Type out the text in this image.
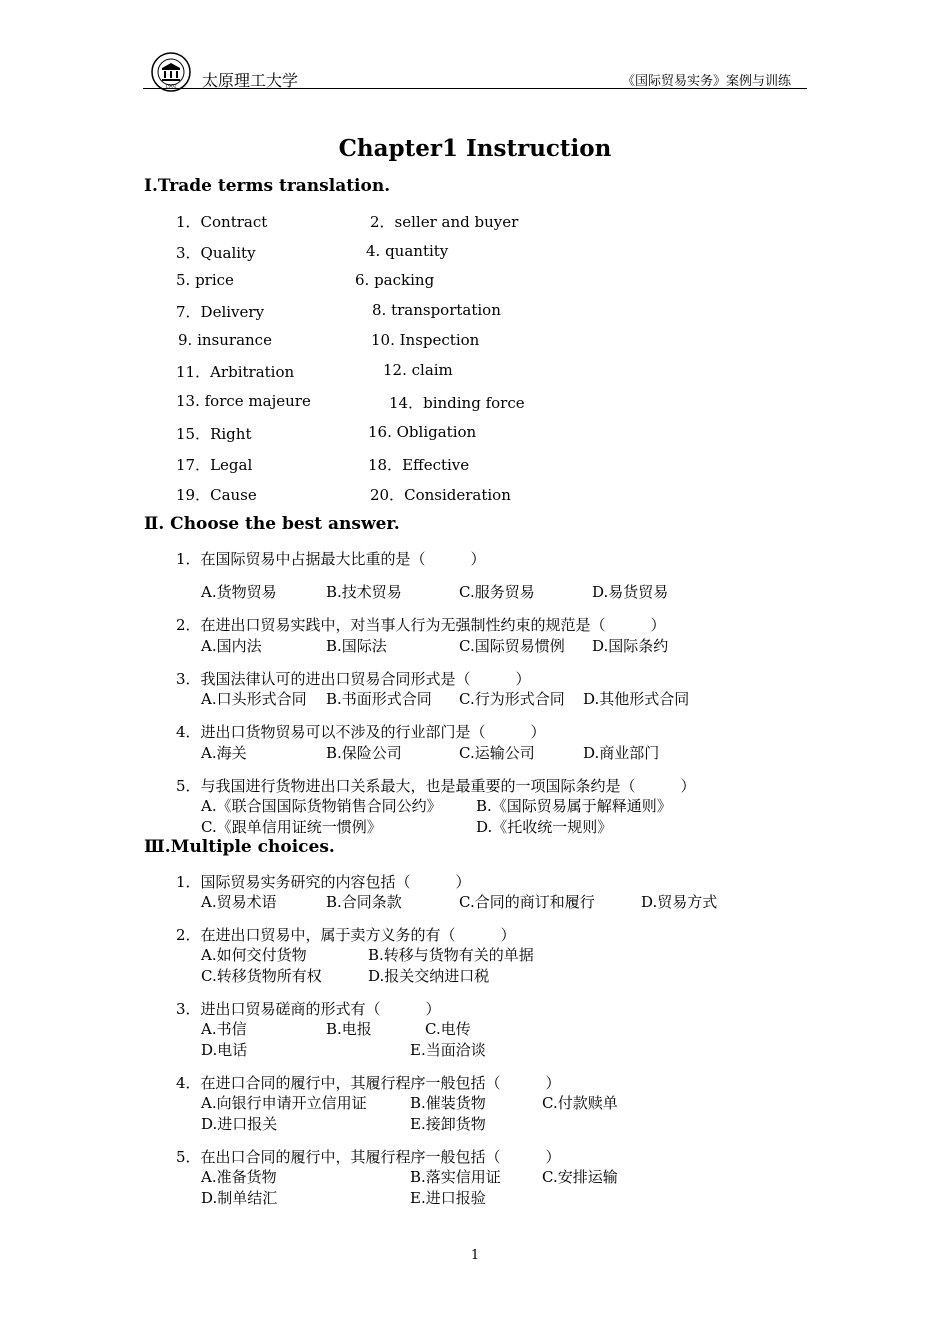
1902 太原理工大学	《国际贸易实务》案例与训练
Chapter1 Instruction
Ⅰ.Trade terms translation.
1．Contract	2．seller and buyer
3．Quality	4. quantity
5. price	6. packing
7．Delivery	8. transportation
9. insurance	10. Inspection
11．Arbitration	12. claim
13. force majeure	14．binding force
15．Right	16. Obligation
17．Legal	18．Effective
19．Cause	20．Consideration
Ⅱ. Choose the best answer.
1．在国际贸易中占据最大比重的是（　　　）
A.货物贸易	B.技术贸易	C.服务贸易	D.易货贸易
2．在进出口贸易实践中，对当事人行为无强制性约束的规范是（　　　）
A.国内法	B.国际法	C.国际贸易惯例 D.国际条约
3．我国法律认可的进出口贸易合同形式是（　　　）
A.口头形式合同 B.书面形式合同 C.行为形式合同 D.其他形式合同
4．进出口货物贸易可以不涉及的行业部门是（　　　）
A.海关	B.保险公司	C.运输公司	D.商业部门
5．与我国进行货物进出口关系最大，也是最重要的一项国际条约是（　　　）
A.《联合国国际货物销售合同公约》 B.《国际贸易属于解释通则》
C.《跟单信用证统一惯例》	D.《托收统一规则》
Ⅲ.Multiple choices.
1．国际贸易实务研究的内容包括（　　　）
A.贸易术语	B.合同条款	C.合同的商订和履行	D.贸易方式
2．在进出口贸易中，属于卖方义务的有（　　　）
A.如何交付货物	B.转移与货物有关的单据
C.转移货物所有权	D.报关交纳进口税
3．进出口贸易磋商的形式有（　　　）
A.书信	B.电报	C.电传
D.电话	E.当面洽谈
4．在进口合同的履行中，其履行程序一般包括（　　　）
A.向银行申请开立信用证	B.催装货物	C.付款赎单
D.进口报关	E.接卸货物
5．在出口合同的履行中，其履行程序一般包括（　　　）
A.准备货物	B.落实信用证	C.安排运输
D.制单结汇	E.进口报验
1
